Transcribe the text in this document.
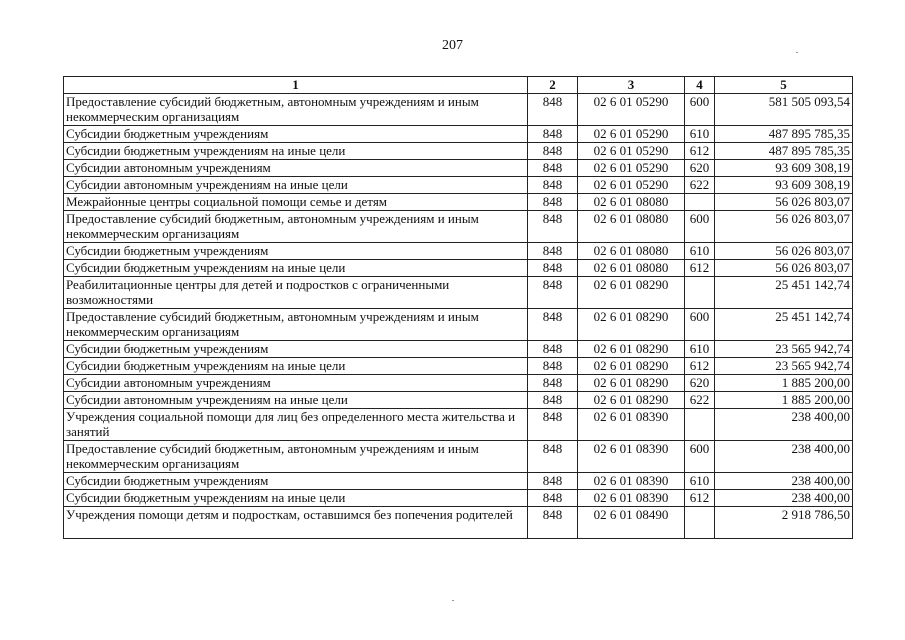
207
1	2	3	4	5
Предоставление субсидий бюджетным, автономным учреждениям и иным некоммерческим организациям	848	02 6 01 05290	600	581 505 093,54
Субсидии бюджетным учреждениям	848	02 6 01 05290	610	487 895 785,35
Субсидии бюджетным учреждениям на иные цели	848	02 6 01 05290	612	487 895 785,35
Субсидии автономным учреждениям	848	02 6 01 05290	620	93 609 308,19
Субсидии автономным учреждениям на иные цели	848	02 6 01 05290	622	93 609 308,19
Межрайонные центры социальной помощи семье и детям	848	02 6 01 08080		56 026 803,07
Предоставление субсидий бюджетным, автономным учреждениям и иным некоммерческим организациям	848	02 6 01 08080	600	56 026 803,07
Субсидии бюджетным учреждениям	848	02 6 01 08080	610	56 026 803,07
Субсидии бюджетным учреждениям на иные цели	848	02 6 01 08080	612	56 026 803,07
Реабилитационные центры для детей и подростков с ограниченными возможностями	848	02 6 01 08290		25 451 142,74
Предоставление субсидий бюджетным, автономным учреждениям и иным некоммерческим организациям	848	02 6 01 08290	600	25 451 142,74
Субсидии бюджетным учреждениям	848	02 6 01 08290	610	23 565 942,74
Субсидии бюджетным учреждениям на иные цели	848	02 6 01 08290	612	23 565 942,74
Субсидии автономным учреждениям	848	02 6 01 08290	620	1 885 200,00
Субсидии автономным учреждениям на иные цели	848	02 6 01 08290	622	1 885 200,00
Учреждения социальной помощи для лиц без определенного места жительства и занятий	848	02 6 01 08390		238 400,00
Предоставление субсидий бюджетным, автономным учреждениям и иным некоммерческим организациям	848	02 6 01 08390	600	238 400,00
Субсидии бюджетным учреждениям	848	02 6 01 08390	610	238 400,00
Субсидии бюджетным учреждениям на иные цели	848	02 6 01 08390	612	238 400,00
Учреждения помощи детям и подросткам, оставшимся без попечения родителей	848	02 6 01 08490		2 918 786,50
